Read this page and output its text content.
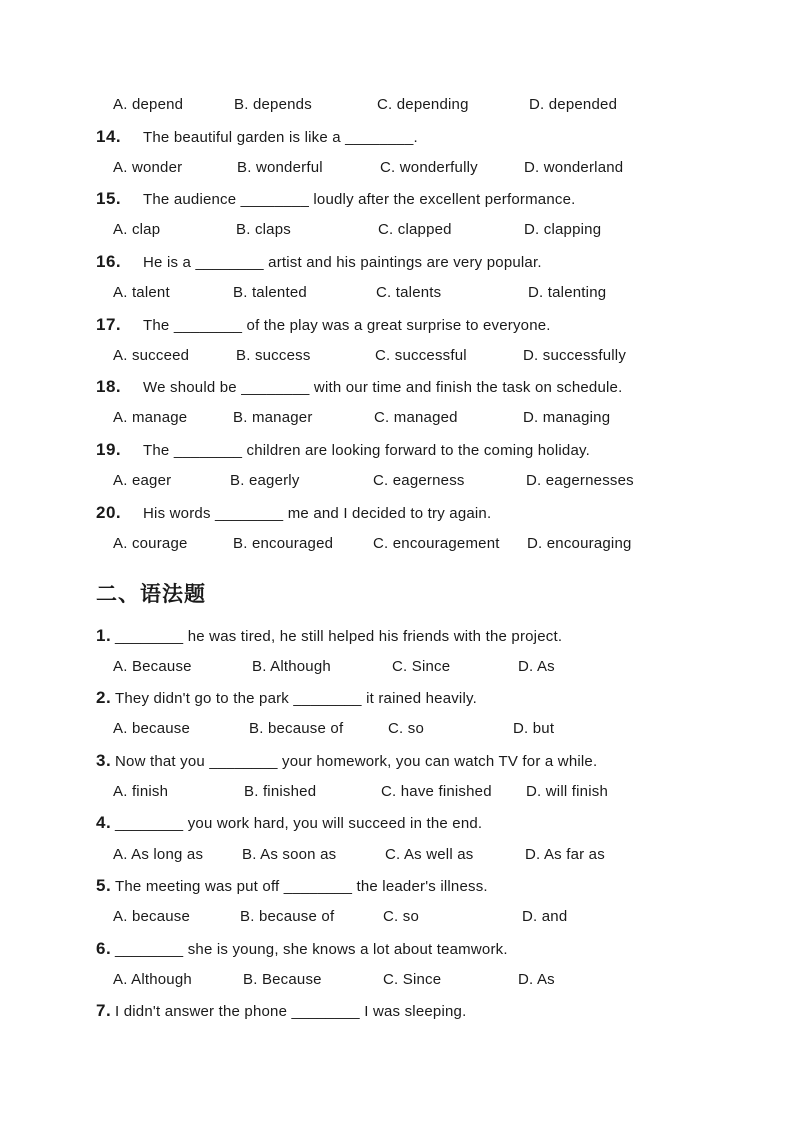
A. depend	B. depends	C. depending	D. depended
14.	The beautiful garden is like a ________.
A. wonder	B. wonderful	C. wonderfully	D. wonderland
15.	The audience ________ loudly after the excellent performance.
A. clap	B. claps	C. clapped	D. clapping
16.	He is a ________ artist and his paintings are very popular.
A. talent	B. talented	C. talents	D. talenting
17.	The ________ of the play was a great surprise to everyone.
A. succeed	B. success	C. successful	D. successfully
18.	We should be ________ with our time and finish the task on schedule.
A. manage	B. manager	C. managed	D. managing
19.	The ________ children are looking forward to the coming holiday.
A. eager	B. eagerly	C. eagerness	D. eagernesses
20.	His words ________ me and I decided to try again.
A. courage	B. encouraged	C. encouragement D. encouraging
二、语法题
1. ________ he was tired, he still helped his friends with the project.
A. Because	B. Although	C. Since	D. As
2. They didn't go to the park ________ it rained heavily.
A. because	B. because of	C. so	D. but
3. Now that you ________ your homework, you can watch TV for a while.
A. finish	B. finished	C. have finished D. will finish
4. ________ you work hard, you will succeed in the end.
A. As long as	B. As soon as	C. As well as	D. As far as
5. The meeting was put off ________ the leader's illness.
A. because	B. because of	C. so	D. and
6. ________ she is young, she knows a lot about teamwork.
A. Although	B. Because	C. Since	D. As
7. I didn't answer the phone ________ I was sleeping.
